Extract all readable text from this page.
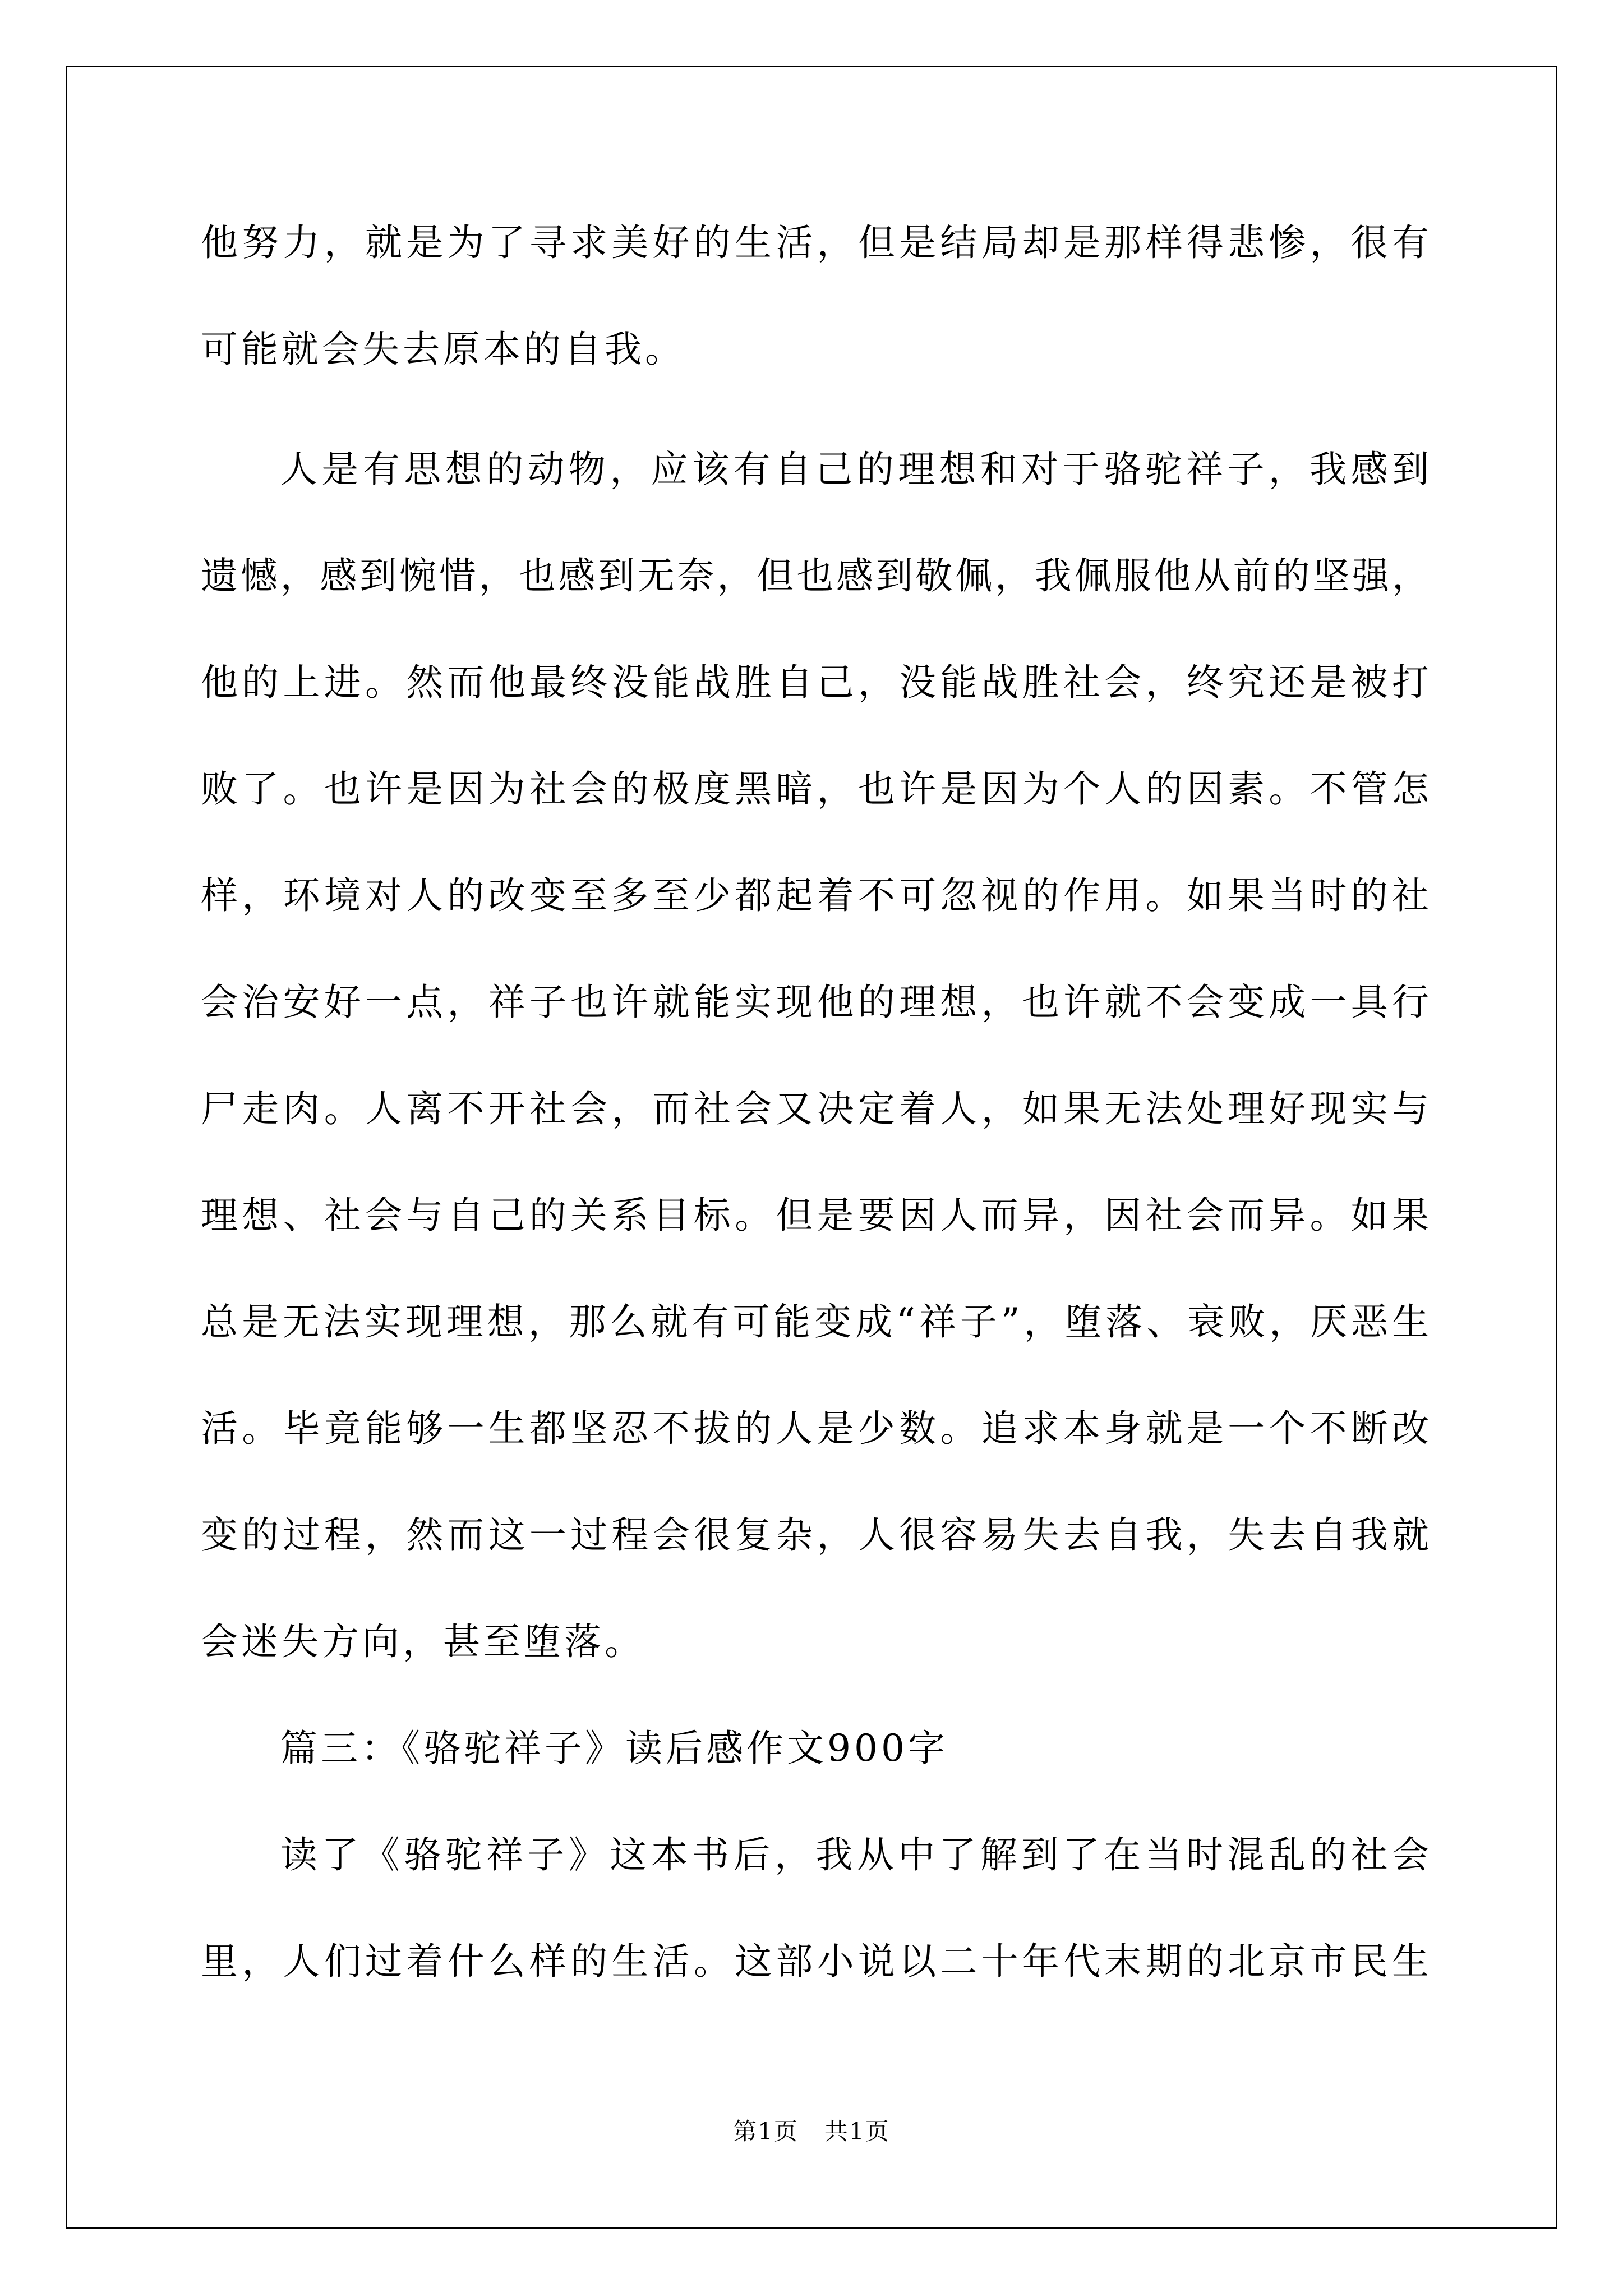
他努力，就是为了寻求美好的生活，但是结局却是那样得悲惨，很有
可能就会失去原本的自我。
人是有思想的动物，应该有自己的理想和对于骆驼祥子，我感到
遗憾，感到惋惜，也感到无奈，但也感到敬佩，我佩服他从前的坚强，
他的上进。然而他最终没能战胜自己，没能战胜社会，终究还是被打
败了。也许是因为社会的极度黑暗，也许是因为个人的因素。不管怎
样，环境对人的改变至多至少都起着不可忽视的作用。如果当时的社
会治安好一点，祥子也许就能实现他的理想，也许就不会变成一具行
尸走肉。人离不开社会，而社会又决定着人，如果无法处理好现实与
理想、社会与自己的关系目标。但是要因人而异，因社会而异。如果
总是无法实现理想，那么就有可能变成“祥子”，堕落、衰败，厌恶生
活。毕竟能够一生都坚忍不拔的人是少数。追求本身就是一个不断改
变的过程，然而这一过程会很复杂，人很容易失去自我，失去自我就
会迷失方向，甚至堕落。
篇三：《骆驼祥子》读后感作文900字
读了《骆驼祥子》这本书后，我从中了解到了在当时混乱的社会
里，人们过着什么样的生活。这部小说以二十年代末期的北京市民生
第1页 共1页
